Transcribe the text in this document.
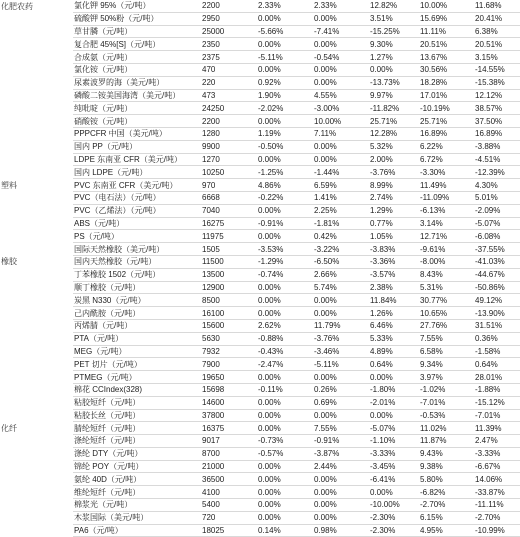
化肥农药	氯化钾 95%（元/吨）	2200	2.33%	2.33%	12.82%	10.00%	11.68%
	硫酸钾 50%粉（元/吨）	2950	0.00%	0.00%	3.51%	15.69%	20.41%
	草甘膦（元/吨）	25000	-5.66%	-7.41%	-15.25%	11.11%	6.38%
	复合肥 45%[S]（元/吨）	2350	0.00%	0.00%	9.30%	20.51%	20.51%
	合成氨（元/吨）	2375	-5.11%	-0.54%	1.27%	13.67%	3.15%
	氯化铵（元/吨）	470	0.00%	0.00%	0.00%	30.56%	-14.55%
	尿素波罗的海（美元/吨）	220	0.92%	0.00%	-13.73%	18.28%	-15.38%
	磷酸二铵美国海湾（美元/吨）	473	1.90%	4.55%	9.97%	17.01%	12.12%
	纯吡啶（元/吨）	24250	-2.02%	-3.00%	-11.82%	-10.19%	38.57%
	硝酸铵（元/吨）	2200	0.00%	10.00%	25.71%	25.71%	37.50%
	PPPCFR 中国（美元/吨）	1280	1.19%	7.11%	12.28%	16.89%	16.89%
	国内 PP（元/吨）	9900	-0.50%	0.00%	5.32%	6.22%	-3.88%
	LDPE 东南亚 CFR（美元/吨）	1270	0.00%	0.00%	2.00%	6.72%	-4.51%
	国内 LDPE（元/吨）	10250	-1.25%	-1.44%	-3.76%	-3.30%	-12.39%

塑料	PVC 东南亚 CFR（美元/吨）	970	4.86%	6.59%	8.99%	11.49%	4.30%
	PVC（电石法）（元/吨）	6668	-0.22%	1.41%	2.74%	-11.09%	5.01%
	PVC（乙烯法）（元/吨）	7040	0.00%	2.25%	1.29%	-6.13%	-2.09%
	ABS（元/吨）	16275	-0.91%	-1.81%	0.77%	3.14%	-5.07%
	PS（元/吨）	11975	0.00%	0.42%	1.05%	12.71%	-6.08%
	国际天然橡胶（美元/吨）	1505	-3.53%	-3.22%	-3.83%	-9.61%	-37.55%

橡胶	国内天然橡胶（元/吨）	11500	-1.29%	-6.50%	-3.36%	-8.00%	-41.03%
	丁苯橡胶 1502（元/吨）	13500	-0.74%	2.66%	-3.57%	8.43%	-44.67%
	顺丁橡胶（元/吨）	12900	0.00%	5.74%	2.38%	5.31%	-50.86%
	炭黑 N330（元/吨）	8500	0.00%	0.00%	11.84%	30.77%	49.12%
	己内酰胺（元/吨）	16100	0.00%	0.00%	1.26%	10.65%	-13.90%
	丙烯腈（元/吨）	15600	2.62%	11.79%	6.46%	27.76%	31.51%
	PTA（元/吨）	5630	-0.88%	-3.76%	5.33%	7.55%	0.36%
	MEG（元/吨）	7932	-0.43%	-3.46%	4.89%	6.58%	-1.58%
	PET 切片（元/吨）	7900	-2.47%	-5.11%	0.64%	9.34%	0.64%
	PTMEG（元/吨）	19650	0.00%	0.00%	0.00%	3.97%	28.01%
	棉花 CCIndex(328)	15698	-0.11%	0.26%	-1.80%	-1.02%	-1.88%
	粘胶短纤（元/吨）	14600	0.00%	0.69%	-2.01%	-7.01%	-15.12%
	粘胶长丝（元/吨）	37800	0.00%	0.00%	0.00%	-0.53%	-7.01%

化纤	腈纶短纤（元/吨）	16375	0.00%	7.55%	-5.07%	11.02%	11.39%
	涤纶短纤（元/吨）	9017	-0.73%	-0.91%	-1.10%	11.87%	2.47%
	涤纶 DTY（元/吨）	8700	-0.57%	-3.87%	-3.33%	9.43%	-3.33%
	锦纶 POY（元/吨）	21000	0.00%	2.44%	-3.45%	9.38%	-6.67%
	氨纶 40D（元/吨）	36500	0.00%	0.00%	-6.41%	5.80%	14.06%
	维纶短纤（元/吨）	4100	0.00%	0.00%	0.00%	-6.82%	-33.87%
	棉浆光（元/吨）	5400	0.00%	0.00%	-10.00%	-2.70%	-11.11%
	木浆国际（美元/吨）	720	0.00%	0.00%	-2.30%	6.15%	-2.70%
	PA6（元/吨）	18025	0.14%	0.98%	-2.30%	4.95%	-10.99%
